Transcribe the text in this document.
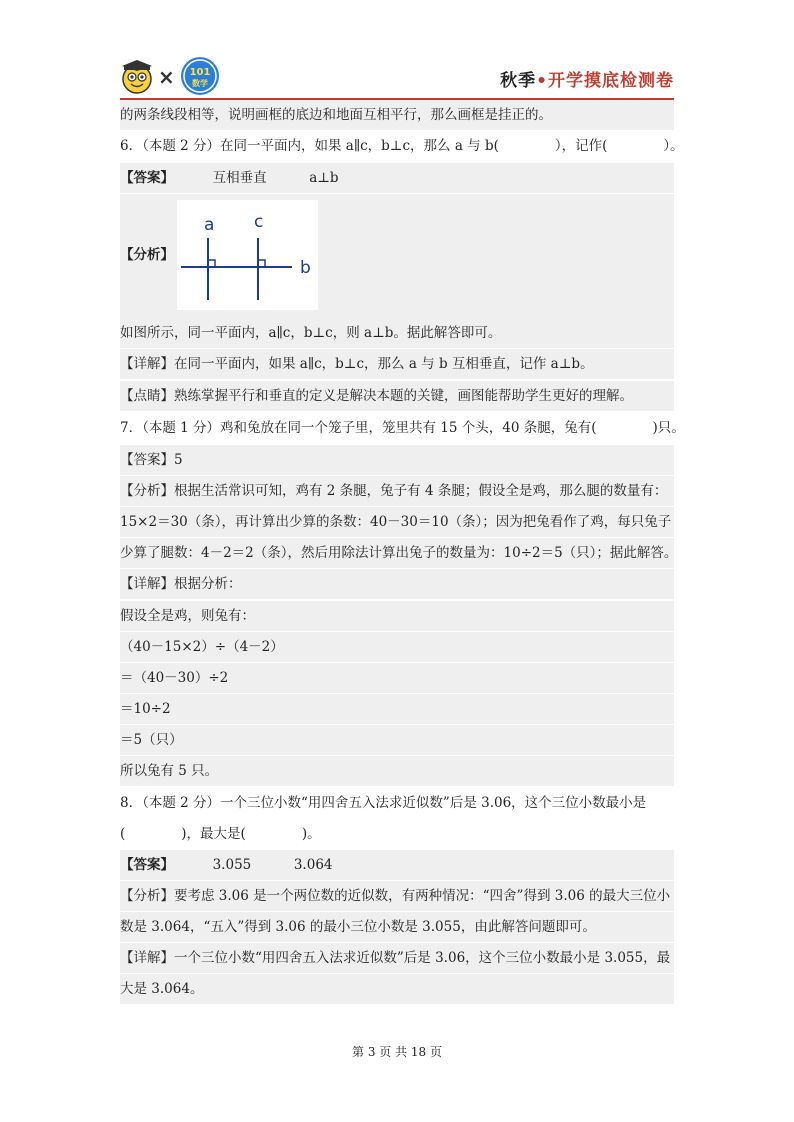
× 101
数学	秋季•开学摸底检测卷
的两条线段相等，说明画框的底边和地面互相平行，那么画框是挂正的。
6．（本题 2 分）在同一平面内，如果 a∥c，b⊥c，那么 a 与 b(	），记作(	）。
【答案】	互相垂直	a⊥b
【分析】
a c
b
如图所示，同一平面内，a∥c，b⊥c，则 a⊥b。据此解答即可。
【详解】在同一平面内，如果 a∥c，b⊥c，那么 a 与 b 互相垂直，记作 a⊥b。
【点睛】熟练掌握平行和垂直的定义是解决本题的关键，画图能帮助学生更好的理解。
7．（本题 1 分）鸡和兔放在同一个笼子里，笼里共有 15 个头，40 条腿，兔有(	)只。
【答案】5
【分析】根据生活常识可知，鸡有 2 条腿，兔子有 4 条腿；假设全是鸡，那么腿的数量有：
15×2＝30（条），再计算出少算的条数：40－30＝10（条）；因为把兔看作了鸡，每只兔子
少算了腿数：4－2＝2（条），然后用除法计算出兔子的数量为：10÷2＝5（只）；据此解答。
【详解】根据分析：
假设全是鸡，则兔有：
（40－15×2）÷（4－2）
＝（40－30）÷2
＝10÷2
＝5（只）
所以兔有 5 只。
8．（本题 2 分）一个三位小数“用四舍五入法求近似数”后是 3.06，这个三位小数最小是
(	)，最大是(	)。
【答案】	3.055	3.064
【分析】要考虑 3.06 是一个两位数的近似数，有两种情况：“四舍”得到 3.06 的最大三位小
数是 3.064，“五入”得到 3.06 的最小三位小数是 3.055，由此解答问题即可。
【详解】一个三位小数“用四舍五入法求近似数”后是 3.06，这个三位小数最小是 3.055，最
大是 3.064。
第 3 页 共 18 页
